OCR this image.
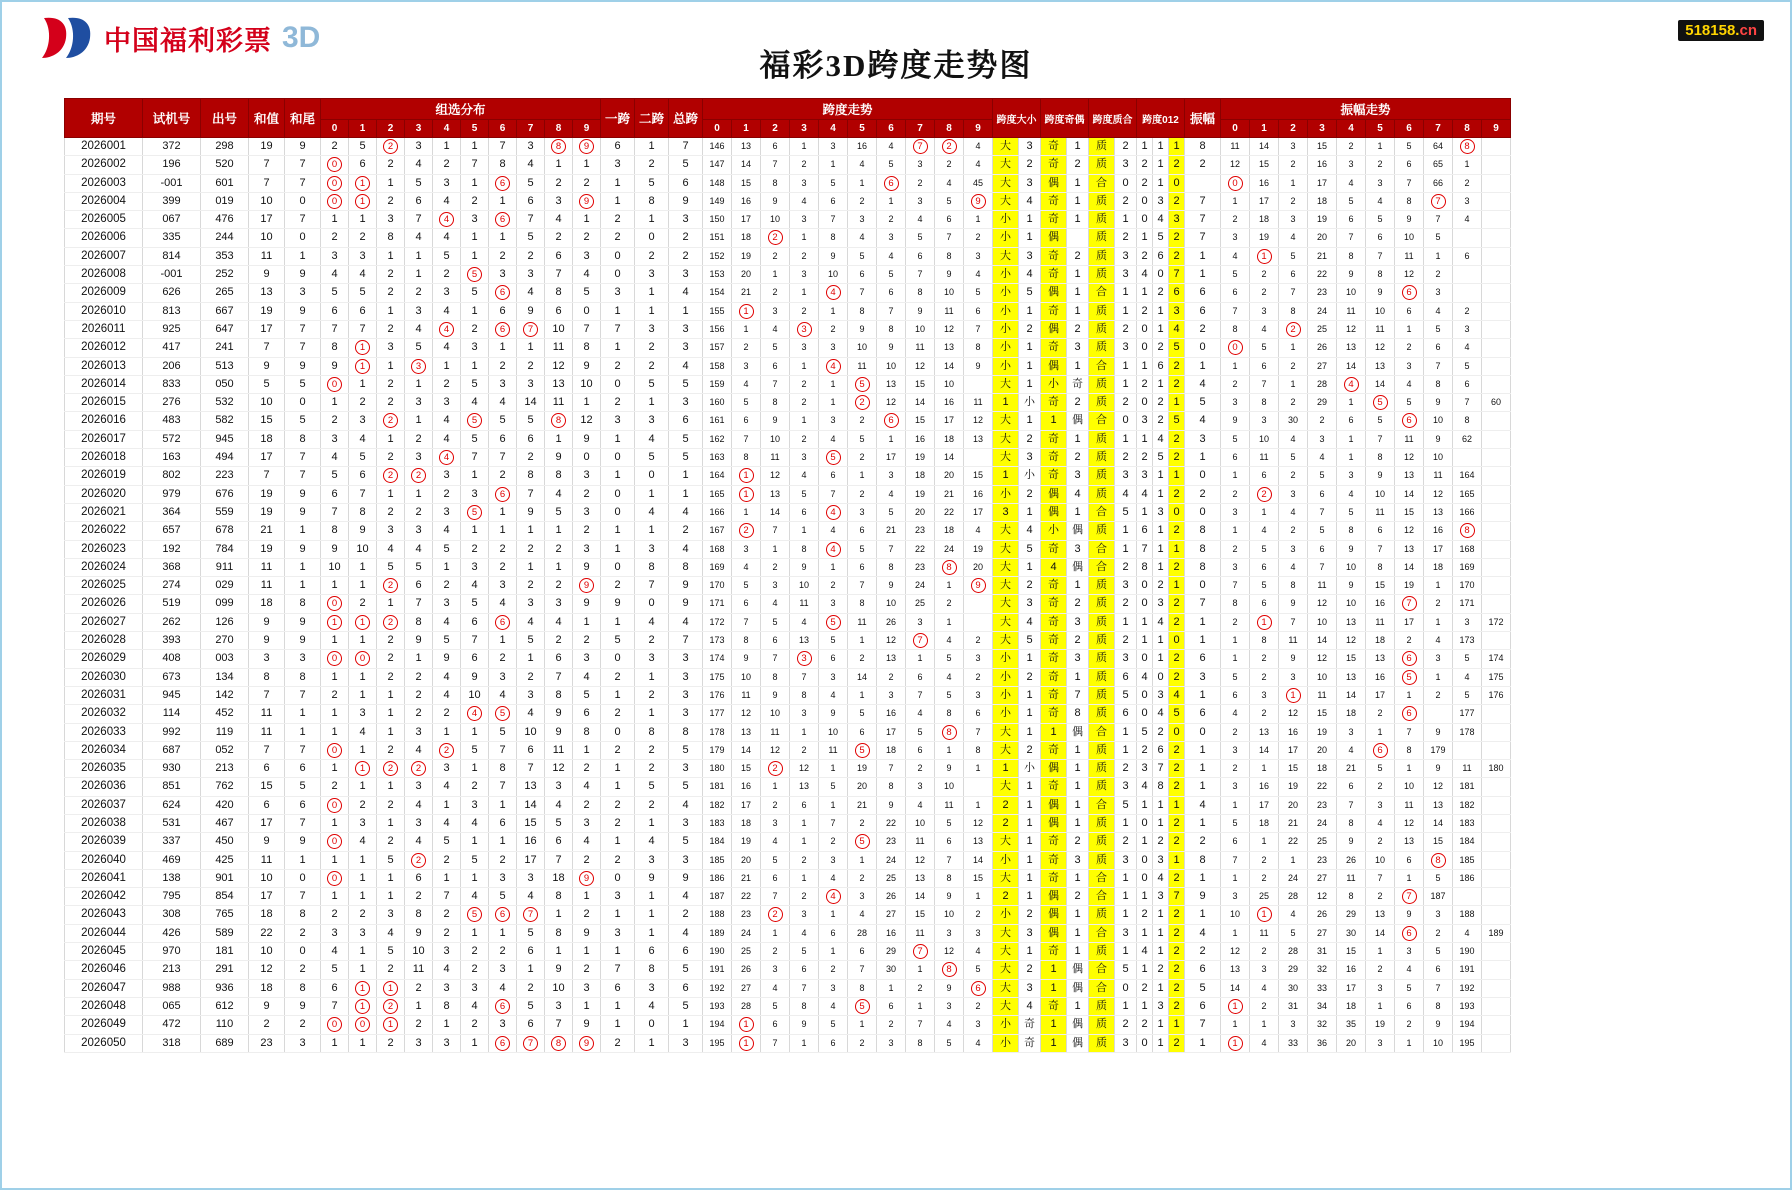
中国福利彩票 3D
福彩3D跨度走势图
518158.cn
期号	试机号	出号	和值	和尾	组选分布										一跨	二跨	总跨	跨度走势										跨度大小		跨度奇偶		跨度质合		跨度012			振幅	振幅走势									
					0	1	2	3	4	5	6	7	8	9				0	1	2	3	4	5	6	7	8	9											0	1	2	3	4	5	6	7	8	9
2026001	372	298	19	9	2	5	2	3	1	1	7	3	8	9	6	1	7	146	13	6	1	3	16	4	7	2	4	大	3	奇	1	质	2	1	1	1	8	11	14	3	15	2	1	5	64	8	
2026002	196	520	7	7	0	6	2	4	2	7	8	4	1	1	3	2	5	147	14	7	2	1	4	5	3	2	4	大	2	奇	2	质	3	2	1	2	2	12	15	2	16	3	2	6	65	1	
2026003	-001	601	7	7	0	1	1	5	3	1	6	5	2	2	1	5	6	148	15	8	3	5	1	6	2	4	45	大	3	偶	1	合	0	2	1	0		0	16	1	17	4	3	7	66	2	
2026004	399	019	10	0	0	1	2	6	4	2	1	6	3	9	1	8	9	149	16	9	4	6	2	1	3	5	9	大	4	奇	1	质	2	0	3	2	7	1	17	2	18	5	4	8	7	3	
2026005	067	476	17	7	1	1	3	7	4	3	6	7	4	1	2	1	3	150	17	10	3	7	3	2	4	6	1	小	1	奇	1	质	1	0	4	3	7	2	18	3	19	6	5	9	7	4	
2026006	335	244	10	0	2	2	8	4	4	1	1	5	2	2	2	0	2	151	18	2	1	8	4	3	5	7	2	小	1	偶		质	2	1	5	2	7	3	19	4	20	7	6	10	5		
2026007	814	353	11	1	3	3	1	1	5	1	2	2	6	3	0	2	2	152	19	2	2	9	5	4	6	8	3	大	3	奇	2	质	3	2	6	2	1	4	1	5	21	8	7	11	1	6	
2026008	-001	252	9	9	4	4	2	1	2	5	3	3	7	4	0	3	3	153	20	1	3	10	6	5	7	9	4	小	4	奇	1	质	3	4	0	7	1	5	2	6	22	9	8	12	2		
2026009	626	265	13	3	5	5	2	2	3	5	6	4	8	5	3	1	4	154	21	2	1	4	7	6	8	10	5	小	5	偶	1	合	1	1	2	6	6	6	2	7	23	10	9	6	3		
2026010	813	667	19	9	6	6	1	3	4	1	6	9	6	0	1	1	1	155	1	3	2	1	8	7	9	11	6	小	1	奇	1	质	1	2	1	3	6	7	3	8	24	11	10	6	4	2	
2026011	925	647	17	7	7	7	2	4	4	2	6	7	10	7	7	3	3	156	1	4	3	2	9	8	10	12	7	小	2	偶	2	质	2	0	1	4	2	8	4	2	25	12	11	1	5	3	
2026012	417	241	7	7	8	1	3	5	4	3	1	1	11	8	1	2	3	157	2	5	3	3	10	9	11	13	8	小	1	奇	3	质	3	0	2	5	0	0	5	1	26	13	12	2	6	4	
2026013	206	513	9	9	9	1	1	3	1	1	2	2	12	9	2	2	4	158	3	6	1	4	11	10	12	14	9	小	1	偶	1	合	1	1	6	2	1	1	6	2	27	14	13	3	7	5	
2026014	833	050	5	5	0	1	2	1	2	5	3	3	13	10	0	5	5	159	4	7	2	1	5	13	15	10		大	1	小	奇	质	1	2	1	2	4	2	7	1	28	4	14	4	8	6	
2026015	276	532	10	0	1	2	2	3	3	4	4	14	11	1	2	1	3	160	5	8	2	1	2	12	14	16	11	1	小	奇	2	质	2	0	2	1	5	3	8	2	29	1	5	5	9	7	60
2026016	483	582	15	5	2	3	2	1	4	5	5	5	8	12	3	3	6	161	6	9	1	3	2	6	15	17	12	大	1	1	偶	合	0	3	2	5	4	9	3	30	2	6	5	6	10	8	
2026017	572	945	18	8	3	4	1	2	4	5	6	6	1	9	1	4	5	162	7	10	2	4	5	1	16	18	13	大	2	奇	1	质	1	1	4	2	3	5	10	4	3	1	7	11	9	62	
2026018	163	494	17	7	4	5	2	3	4	7	7	2	9	0	0	5	5	163	8	11	3	5	2	17	19	14		大	3	奇	2	质	2	2	5	2	1	6	11	5	4	1	8	12	10		
2026019	802	223	7	7	5	6	2	2	3	1	2	8	8	3	1	0	1	164	1	12	4	6	1	3	18	20	15	1	小	奇	3	质	3	3	1	1	0	1	6	2	5	3	9	13	11	164	
2026020	979	676	19	9	6	7	1	1	2	3	6	7	4	2	0	1	1	165	1	13	5	7	2	4	19	21	16	小	2	偶	4	质	4	4	1	2	2	2	2	3	6	4	10	14	12	165	
2026021	364	559	19	9	7	8	2	2	3	5	1	9	5	3	0	4	4	166	1	14	6	4	3	5	20	22	17	3	1	偶	1	合	5	1	3	0	0	3	1	4	7	5	11	15	13	166	
2026022	657	678	21	1	8	9	3	3	4	1	1	1	1	2	1	1	2	167	2	7	1	4	6	21	23	18	4	大	4	小	偶	质	1	6	1	2	8	1	4	2	5	8	6	12	16	8	
2026023	192	784	19	9	9	10	4	4	5	2	2	2	2	3	1	3	4	168	3	1	8	4	5	7	22	24	19	大	5	奇	3	合	1	7	1	1	8	2	5	3	6	9	7	13	17	168	
2026024	368	911	11	1	10	1	5	5	1	3	2	1	1	9	0	8	8	169	4	2	9	1	6	8	23	8	20	大	1	4	偶	合	2	8	1	2	8	3	6	4	7	10	8	14	18	169	
2026025	274	029	11	1	1	1	2	6	2	4	3	2	2	9	2	7	9	170	5	3	10	2	7	9	24	1	9	大	2	奇	1	质	3	0	2	1	0	7	5	8	11	9	15	19	1	170	
2026026	519	099	18	8	0	2	1	7	3	5	4	3	3	9	9	0	9	171	6	4	11	3	8	10	25	2		大	3	奇	2	质	2	0	3	2	7	8	6	9	12	10	16	7	2	171	
2026027	262	126	9	9	1	1	2	8	4	6	6	4	4	1	1	4	4	172	7	5	4	5	11	26	3	1		大	4	奇	3	质	1	1	4	2	1	2	1	7	10	13	11	17	1	3	172
2026028	393	270	9	9	1	1	2	9	5	7	1	5	2	2	5	2	7	173	8	6	13	5	1	12	7	4	2	大	5	奇	2	质	2	1	1	0	1	1	8	11	14	12	18	2	4	173	
2026029	408	003	3	3	0	0	2	1	9	6	2	1	6	3	0	3	3	174	9	7	3	6	2	13	1	5	3	小	1	奇	3	质	3	0	1	2	6	1	2	9	12	15	13	6	3	5	174
2026030	673	134	8	8	1	1	2	2	4	9	3	2	7	4	2	1	3	175	10	8	7	3	14	2	6	4	2	小	2	奇	1	质	6	4	0	2	3	5	2	3	10	13	16	5	1	4	175
2026031	945	142	7	7	2	1	1	2	4	10	4	3	8	5	1	2	3	176	11	9	8	4	1	3	7	5	3	小	1	奇	7	质	5	0	3	4	1	6	3	1	11	14	17	1	2	5	176
2026032	114	452	11	1	1	3	1	2	2	4	5	4	9	6	2	1	3	177	12	10	3	9	5	16	4	8	6	小	1	奇	8	质	6	0	4	5	6	4	2	12	15	18	2	6		177	
2026033	992	119	11	1	1	4	1	3	1	1	5	10	9	8	0	8	8	178	13	11	1	10	6	17	5	8	7	大	1	1	偶	合	1	5	2	0	0	2	13	16	19	3	1	7	9	178	
2026034	687	052	7	7	0	1	2	4	2	5	7	6	11	1	2	2	5	179	14	12	2	11	5	18	6	1	8	大	2	奇	1	质	1	2	6	2	1	3	14	17	20	4	6	8	179		
2026035	930	213	6	6	1	1	2	2	3	1	8	7	12	2	1	2	3	180	15	2	12	1	19	7	2	9	1	1	小	偶	1	质	2	3	7	2	1	2	1	15	18	21	5	1	9	11	180
2026036	851	762	15	5	2	1	1	3	4	2	7	13	3	4	1	5	5	181	16	1	13	5	20	8	3	10		大	1	奇	1	质	3	4	8	2	1	3	16	19	22	6	2	10	12	181	
2026037	624	420	6	6	0	2	2	4	1	3	1	14	4	2	2	2	4	182	17	2	6	1	21	9	4	11	1	2	1	偶	1	合	5	1	1	1	4	1	17	20	23	7	3	11	13	182	
2026038	531	467	17	7	1	3	1	3	4	4	6	15	5	3	2	1	3	183	18	3	1	7	2	22	10	5	12	2	1	偶	1	质	1	0	1	2	1	5	18	21	24	8	4	12	14	183	
2026039	337	450	9	9	0	4	2	4	5	1	1	16	6	4	1	4	5	184	19	4	1	2	5	23	11	6	13	大	1	奇	2	质	2	1	2	2	2	6	1	22	25	9	2	13	15	184	
2026040	469	425	11	1	1	1	5	2	2	5	2	17	7	2	2	3	3	185	20	5	2	3	1	24	12	7	14	小	1	奇	3	质	3	0	3	1	8	7	2	1	23	26	10	6	8	185	
2026041	138	901	10	0	0	1	1	6	1	1	3	3	18	9	0	9	9	186	21	6	1	4	2	25	13	8	15	大	1	奇	1	合	1	0	4	2	1	1	2	24	27	11	7	1	5	186	
2026042	795	854	17	7	1	1	1	2	7	4	5	4	8	1	3	1	4	187	22	7	2	4	3	26	14	9	1	2	1	偶	2	合	1	1	3	7	9	3	25	28	12	8	2	7	187		
2026043	308	765	18	8	2	2	3	8	2	5	6	7	1	2	1	1	2	188	23	2	3	1	4	27	15	10	2	小	2	偶	1	质	1	2	1	2	1	10	1	4	26	29	13	9	3	188	
2026044	426	589	22	2	3	3	4	9	2	1	1	5	8	9	3	1	4	189	24	1	4	6	28	16	11	3	3	大	3	偶	1	合	3	1	1	2	4	1	11	5	27	30	14	6	2	4	189
2026045	970	181	10	0	4	1	5	10	3	2	2	6	1	1	1	6	6	190	25	2	5	1	6	29	7	12	4	大	1	奇	1	质	1	4	1	2	2	12	2	28	31	15	1	3	5	190	
2026046	213	291	12	2	5	1	2	11	4	2	3	1	9	2	7	8	5	191	26	3	6	2	7	30	1	8	5	大	2	1	偶	合	5	1	2	2	6	13	3	29	32	16	2	4	6	191	
2026047	988	936	18	8	6	1	1	2	3	3	4	2	10	3	6	3	6	192	27	4	7	3	8	1	2	9	6	大	3	1	偶	合	0	2	1	2	5	14	4	30	33	17	3	5	7	192	
2026048	065	612	9	9	7	1	2	1	8	4	6	5	3	1	1	4	5	193	28	5	8	4	5	6	1	3	2	大	4	奇	1	质	1	1	3	2	6	1	2	31	34	18	1	6	8	193	
2026049	472	110	2	2	0	0	1	2	1	2	3	6	7	9	1	0	1	194	1	6	9	5	1	2	7	4	3	小	奇	1	偶	质	2	2	1	1	7	1	1	3	32	35	19	2	9	194	
2026050	318	689	23	3	1	1	2	3	3	1	6	7	8	9	2	1	3	195	1	7	1	6	2	3	8	5	4	小	奇	1	偶	质	3	0	1	2	1	1	4	33	36	20	3	1	10	195	
